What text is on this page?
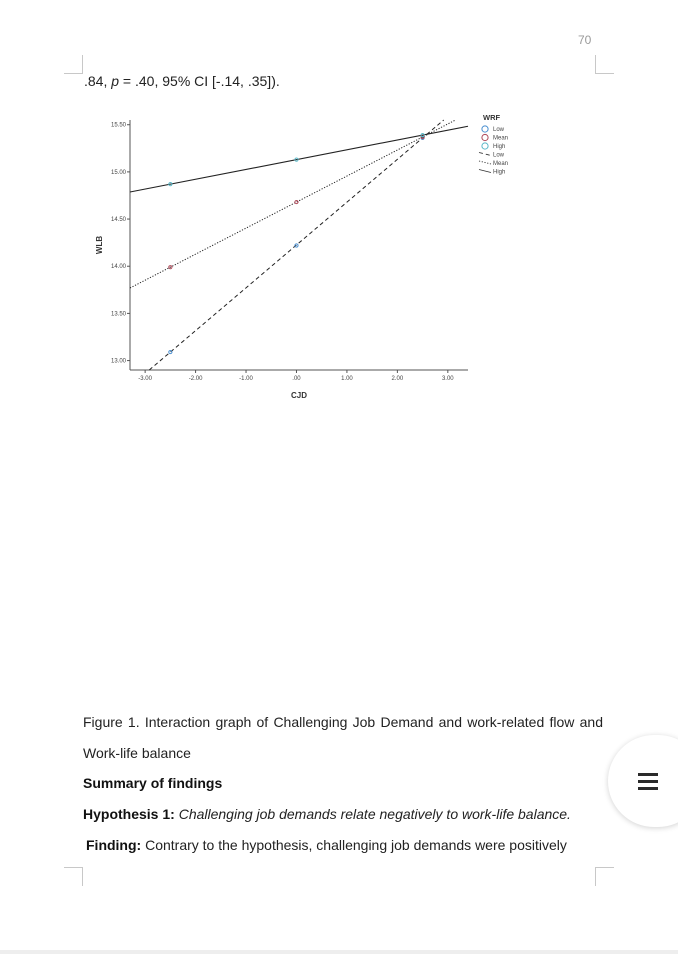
70
.84, p = .40, 95% CI [-.14, .35]).
-3.00	-2.00	-1.00	.00	1.00	2.00	3.00
13.00
13.50
14.00
14.50
15.00
15.50
CJD
WLB
WRF
Low
Mean
High
Low
Mean
High
Figure 1. Interaction graph of Challenging Job Demand and work-related flow and Work-life balance
Summary of findings
Hypothesis 1: Challenging job demands relate negatively to work-life balance.
Finding: Contrary to the hypothesis, challenging job demands were positively
